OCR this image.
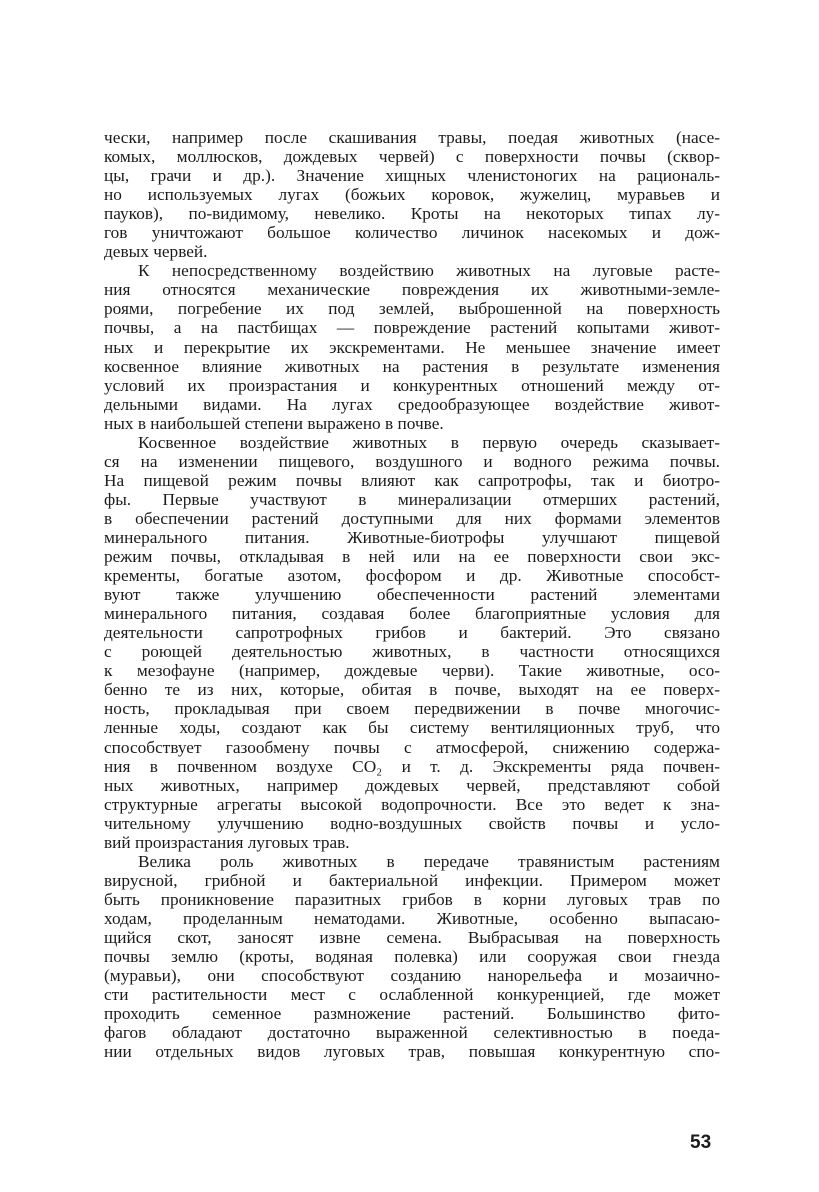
чески, например после скашивания травы, поедая животных (насе-
комых, моллюсков, дождевых червей) с поверхности почвы (сквор-
цы, грачи и др.). Значение хищных членистоногих на рациональ-
но используемых лугах (божьих коровок, жужелиц, муравьев и
пауков), по-видимому, невелико. Кроты на некоторых типах лу-
гов уничтожают большое количество личинок насекомых и дож-
девых червей.
К непосредственному воздействию животных на луговые расте-
ния относятся механические повреждения их животными-земле-
роями, погребение их под землей, выброшенной на поверхность
почвы, а на пастбищах — повреждение растений копытами живот-
ных и перекрытие их экскрементами. Не меньшее значение имеет
косвенное влияние животных на растения в результате изменения
условий их произрастания и конкурентных отношений между от-
дельными видами. На лугах средообразующее воздействие живот-
ных в наибольшей степени выражено в почве.
Косвенное воздействие животных в первую очередь сказывает-
ся на изменении пищевого, воздушного и водного режима почвы.
На пищевой режим почвы влияют как сапротрофы, так и биотро-
фы. Первые участвуют в минерализации отмерших растений,
в обеспечении растений доступными для них формами элементов
минерального питания. Животные-биотрофы улучшают пищевой
режим почвы, откладывая в ней или на ее поверхности свои экс-
кременты, богатые азотом, фосфором и др. Животные способст-
вуют также улучшению обеспеченности растений элементами
минерального питания, создавая более благоприятные условия для
деятельности сапротрофных грибов и бактерий. Это связано
с роющей деятельностью животных, в частности относящихся
к мезофауне (например, дождевые черви). Такие животные, осо-
бенно те из них, которые, обитая в почве, выходят на ее поверх-
ность, прокладывая при своем передвижении в почве многочис-
ленные ходы, создают как бы систему вентиляционных труб, что
способствует газообмену почвы с атмосферой, снижению содержа-
ния в почвенном воздухе CO₂ и т. д. Экскременты ряда почвен-
ных животных, например дождевых червей, представляют собой
структурные агрегаты высокой водопрочности. Все это ведет к зна-
чительному улучшению водно-воздушных свойств почвы и усло-
вий произрастания луговых трав.
Велика роль животных в передаче травянистым растениям
вирусной, грибной и бактериальной инфекции. Примером может
быть проникновение паразитных грибов в корни луговых трав по
ходам, проделанным нематодами. Животные, особенно выпасаю-
щийся скот, заносят извне семена. Выбрасывая на поверхность
почвы землю (кроты, водяная полевка) или сооружая свои гнезда
(муравьи), они способствуют созданию нанорельефа и мозаично-
сти растительности мест с ослабленной конкуренцией, где может
проходить семенное размножение растений. Большинство фито-
фагов обладают достаточно выраженной селективностью в поеда-
нии отдельных видов луговых трав, повышая конкурентную спо-
53
